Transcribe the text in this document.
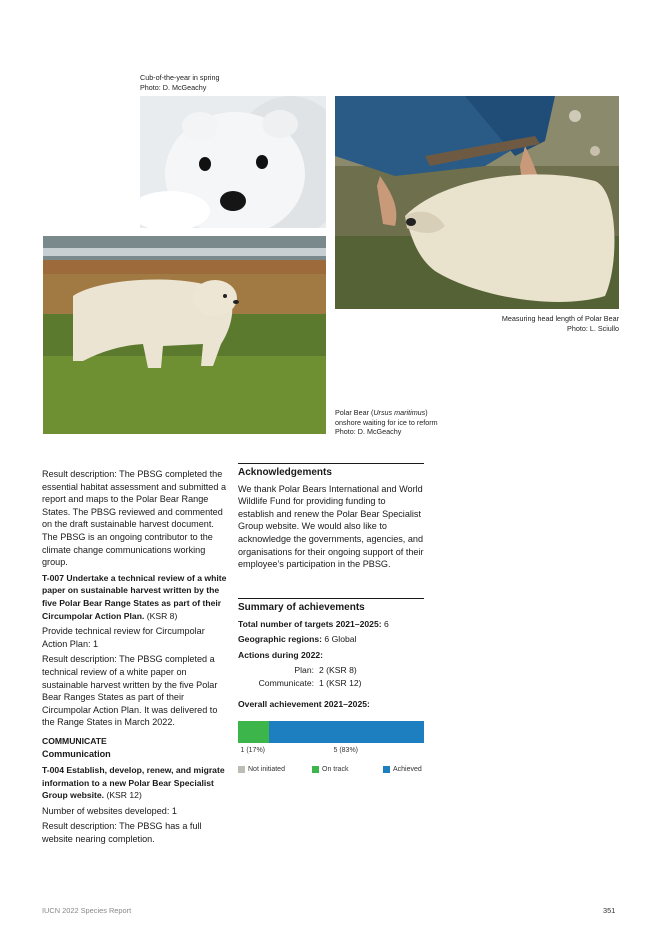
Cub-of-the-year in spring
Photo: D. McGeachy
Measuring head length of Polar Bear
Photo: L. Sciullo
Polar Bear (Ursus maritimus)
onshore waiting for ice to reform
Photo: D. McGeachy

Result description: The PBSG completed the essential habitat assessment and submitted a report and maps to the Polar Bear Range States. The PBSG reviewed and commented on the draft sustainable harvest document. The PBSG is an ongoing contributor to the climate change communications working group.

T-007 Undertake a technical review of a white paper on sustainable harvest written by the five Polar Bear Range States as part of their Circumpolar Action Plan. (KSR 8)

Provide technical review for Circumpolar Action Plan: 1

Result description: The PBSG completed a technical review of a white paper on sustainable harvest written by the five Polar Bear Ranges States as part of their Circumpolar Action Plan. It was delivered to the Range States in March 2022.

COMMUNICATE

Communication

T-004 Establish, develop, renew, and migrate information to a new Polar Bear Specialist Group website. (KSR 12)

Number of websites developed: 1

Result description: The PBSG has a full website nearing completion.

Acknowledgements

We thank Polar Bears International and World Wildlife Fund for providing funding to establish and renew the Polar Bear Specialist Group website. We would also like to acknowledge the governments, agencies, and organisations for their ongoing support of their employee’s participation in the PBSG.

Summary of achievements

Total number of targets 2021–2025: 6

Geographic regions: 6 Global

Actions during 2022:

Plan: 2 (KSR 8)
Communicate: 1 (KSR 12)

Overall achievement 2021–2025:

1 (17%)	5 (83%)
Not initiated	On track	Achieved
IUCN 2022 Species Report	351
